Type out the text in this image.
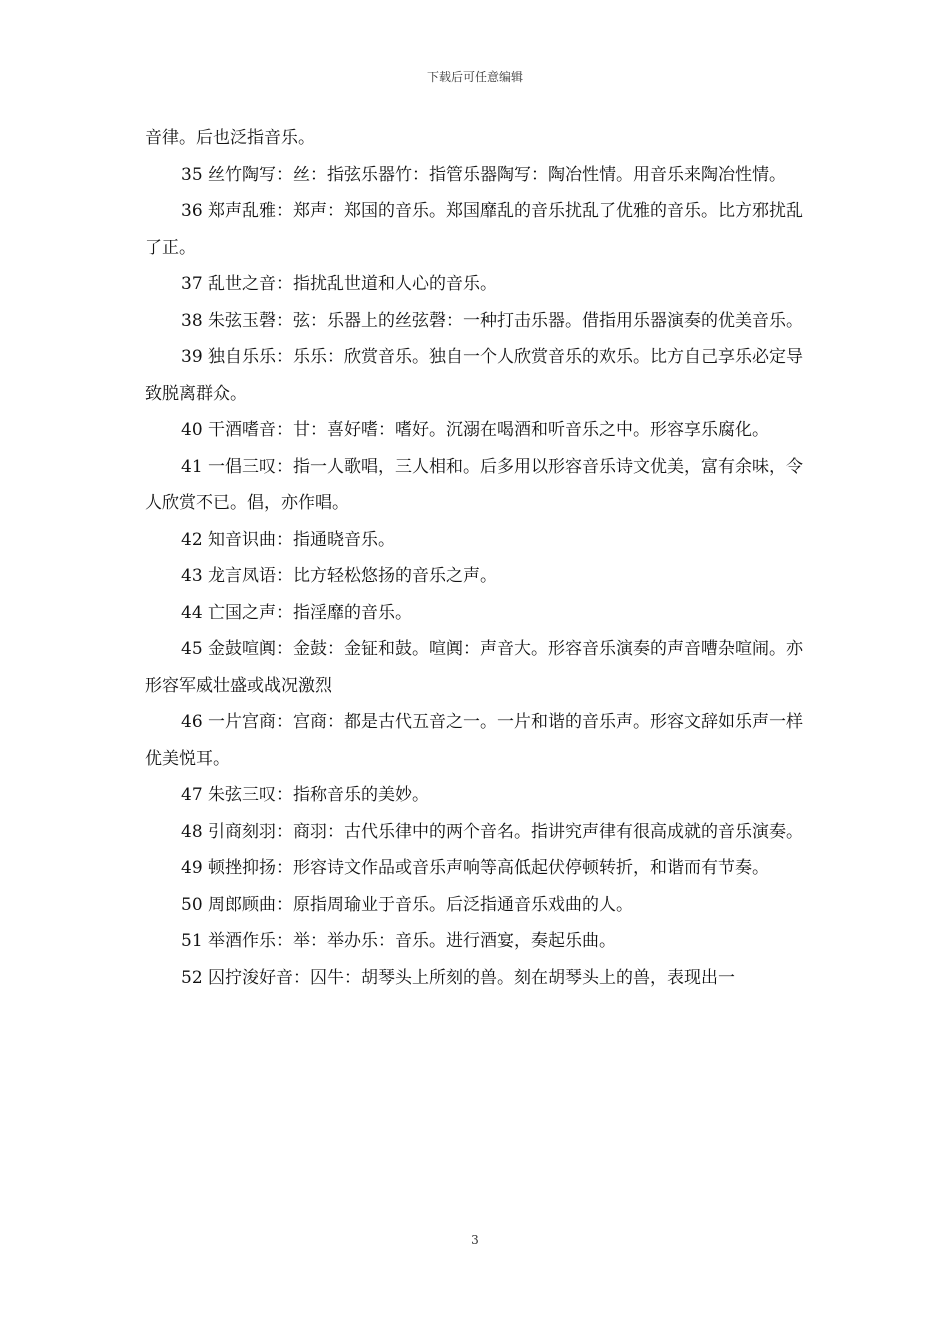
下载后可任意编辑

音律。后也泛指音乐。

35 丝竹陶写：丝：指弦乐器竹：指管乐器陶写：陶冶性情。用音乐来陶冶性情。

36 郑声乱雅：郑声：郑国的音乐。郑国靡乱的音乐扰乱了优雅的音乐。比方邪扰乱了正。

37 乱世之音：指扰乱世道和人心的音乐。

38 朱弦玉磬：弦：乐器上的丝弦磬：一种打击乐器。借指用乐器演奏的优美音乐。

39 独自乐乐：乐乐：欣赏音乐。独自一个人欣赏音乐的欢乐。比方自己享乐必定导致脱离群众。

40 干酒嗜音：甘：喜好嗜：嗜好。沉溺在喝酒和听音乐之中。形容享乐腐化。

41 一倡三叹：指一人歌唱，三人相和。后多用以形容音乐诗文优美，富有余味，令人欣赏不已。倡，亦作唱。

42 知音识曲：指通晓音乐。

43 龙言凤语：比方轻松悠扬的音乐之声。

44 亡国之声：指淫靡的音乐。

45 金鼓喧阗：金鼓：金钲和鼓。喧阗：声音大。形容音乐演奏的声音嘈杂喧闹。亦形容军威壮盛或战况激烈

46 一片宫商：宫商：都是古代五音之一。一片和谐的音乐声。形容文辞如乐声一样优美悦耳。

47 朱弦三叹：指称音乐的美妙。

48 引商刻羽：商羽：古代乐律中的两个音名。指讲究声律有很高成就的音乐演奏。

49 顿挫抑扬：形容诗文作品或音乐声响等高低起伏停顿转折，和谐而有节奏。

50 周郎顾曲：原指周瑜业于音乐。后泛指通音乐戏曲的人。

51 举酒作乐：举：举办乐：音乐。进行酒宴，奏起乐曲。

52 囚拧浚好音：囚牛：胡琴头上所刻的兽。刻在胡琴头上的兽，表现出一

3
